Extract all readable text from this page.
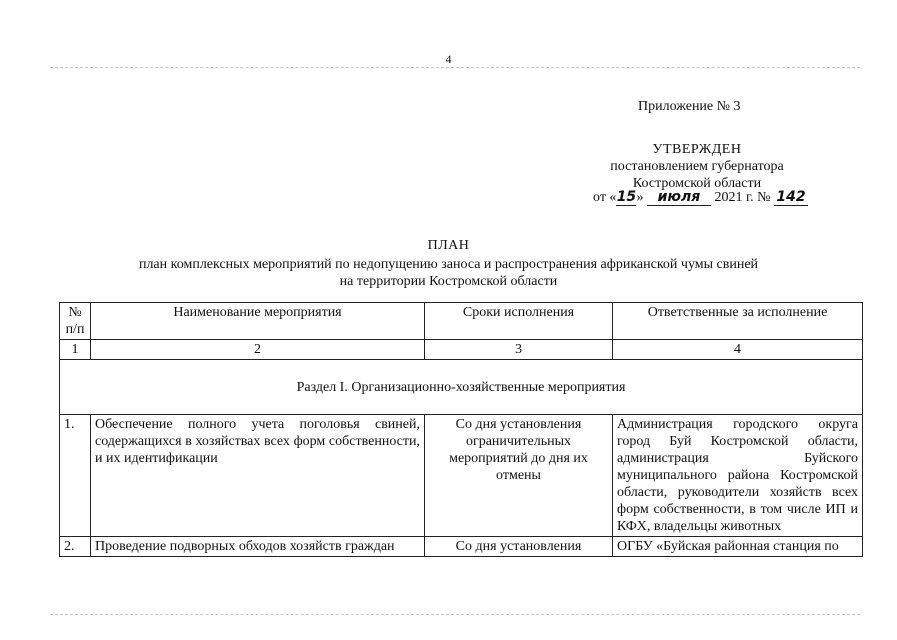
4
Приложение № 3
УТВЕРЖДЕН
постановлением губернатора
Костромской области
от «15» июля 2021 г. № 142
ПЛАН
план комплексных мероприятий по недопущению заноса и распространения африканской чумы свиней
на территории Костромской области
№ п/п	Наименование мероприятия	Сроки исполнения	Ответственные за исполнение
1	2	3	4
Раздел I. Организационно-хозяйственные мероприятия			
1.	Обеспечение полного учета поголовья свиней, содержащихся в хозяйствах всех форм собственности, и их идентификации	Со дня установления ограничительных мероприятий до дня их отмены	Администрация городского округа город Буй Костромской области, администрация Буйского муниципального района Костромской области, руководители хозяйств всех форм собственности, в том числе ИП и КФХ, владельцы животных
2.	Проведение подворных обходов хозяйств граждан	Со дня установления	ОГБУ «Буйская районная станция по
